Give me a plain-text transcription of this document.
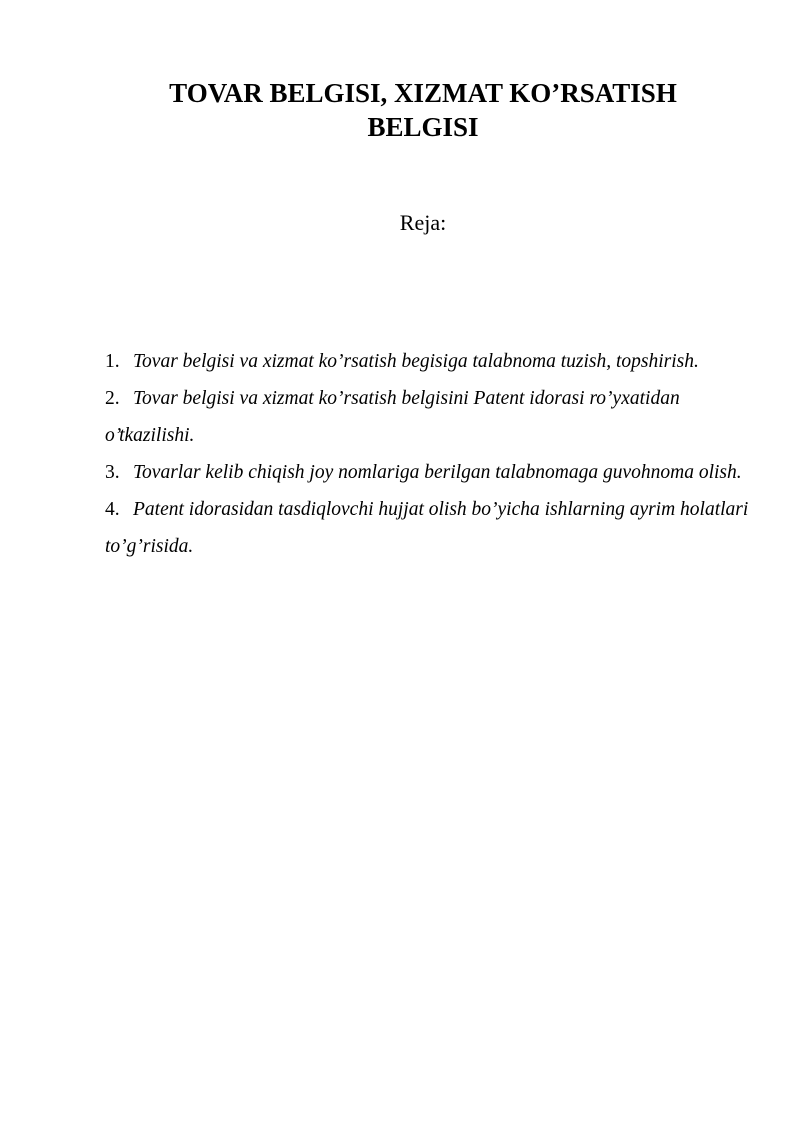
TOVAR BELGISI, XIZMAT KO’RSATISH
BELGISI

Reja:

1. Tovar belgisi va xizmat ko’rsatish begisiga talabnoma tuzish, topshirish.
2. Tovar belgisi va xizmat ko’rsatish belgisini Patent idorasi ro’yxatidan o’tkazilishi.
3. Tovarlar kelib chiqish joy nomlariga berilgan talabnomaga guvohnoma olish.
4. Patent idorasidan tasdiqlovchi hujjat olish bo’yicha ishlarning ayrim holatlari to’g’risida.
